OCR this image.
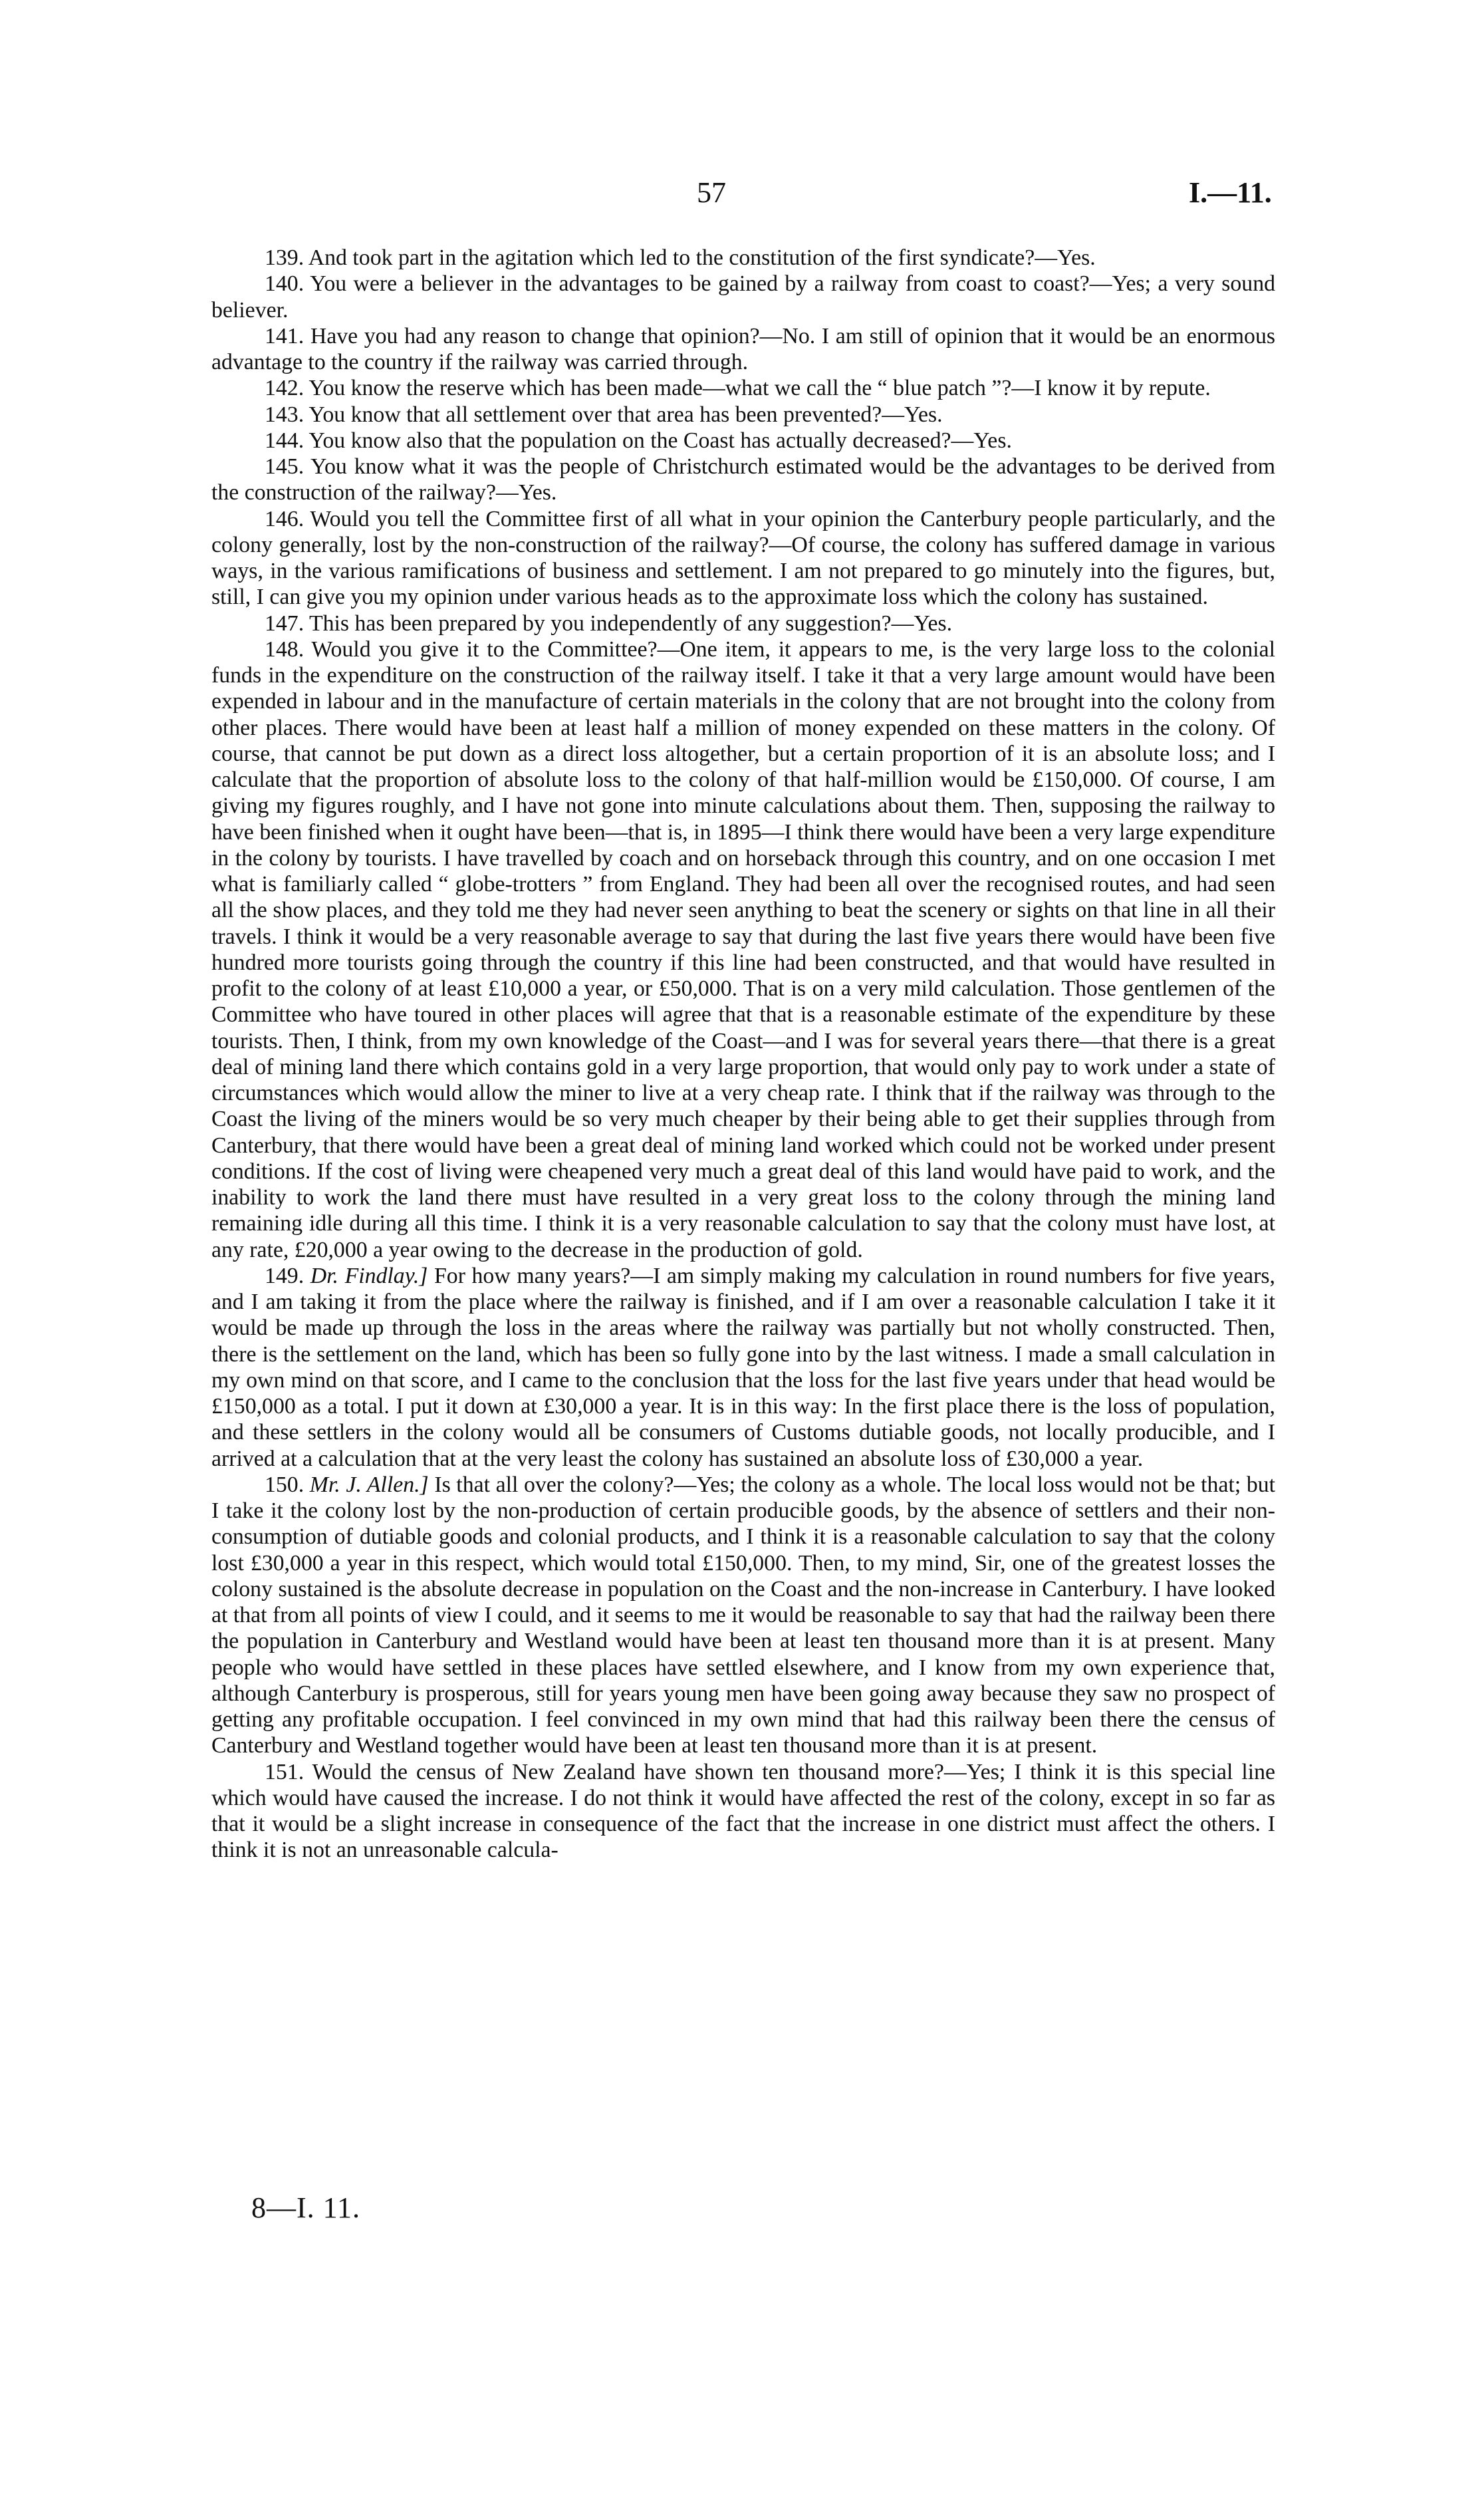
57	I.—11.

139. And took part in the agitation which led to the constitution of the first syndicate?—Yes.

140. You were a believer in the advantages to be gained by a railway from coast to coast?—Yes; a very sound believer.

141. Have you had any reason to change that opinion?—No. I am still of opinion that it would be an enormous advantage to the country if the railway was carried through.

142. You know the reserve which has been made—what we call the “ blue patch ”?—I know it by repute.

143. You know that all settlement over that area has been prevented?—Yes.

144. You know also that the population on the Coast has actually decreased?—Yes.

145. You know what it was the people of Christchurch estimated would be the advantages to be derived from the construction of the railway?—Yes.

146. Would you tell the Committee first of all what in your opinion the Canterbury people particularly, and the colony generally, lost by the non-construction of the railway?—Of course, the colony has suffered damage in various ways, in the various ramifications of business and settlement. I am not prepared to go minutely into the figures, but, still, I can give you my opinion under various heads as to the approximate loss which the colony has sustained.

147. This has been prepared by you independently of any suggestion?—Yes.

148. Would you give it to the Committee?—One item, it appears to me, is the very large loss to the colonial funds in the expenditure on the construction of the railway itself. I take it that a very large amount would have been expended in labour and in the manufacture of certain materials in the colony that are not brought into the colony from other places. There would have been at least half a million of money expended on these matters in the colony. Of course, that cannot be put down as a direct loss altogether, but a certain proportion of it is an absolute loss; and I calculate that the proportion of absolute loss to the colony of that half-million would be £150,000. Of course, I am giving my figures roughly, and I have not gone into minute calculations about them. Then, supposing the railway to have been finished when it ought have been—that is, in 1895—I think there would have been a very large expenditure in the colony by tourists. I have travelled by coach and on horseback through this country, and on one occasion I met what is familiarly called “ globe-trotters ” from England. They had been all over the recognised routes, and had seen all the show places, and they told me they had never seen anything to beat the scenery or sights on that line in all their travels. I think it would be a very reasonable average to say that during the last five years there would have been five hundred more tourists going through the country if this line had been constructed, and that would have resulted in profit to the colony of at least £10,000 a year, or £50,000. That is on a very mild calculation. Those gentlemen of the Committee who have toured in other places will agree that that is a reasonable estimate of the expenditure by these tourists. Then, I think, from my own knowledge of the Coast—and I was for several years there—that there is a great deal of mining land there which contains gold in a very large proportion, that would only pay to work under a state of circumstances which would allow the miner to live at a very cheap rate. I think that if the railway was through to the Coast the living of the miners would be so very much cheaper by their being able to get their supplies through from Canterbury, that there would have been a great deal of mining land worked which could not be worked under present conditions. If the cost of living were cheapened very much a great deal of this land would have paid to work, and the inability to work the land there must have resulted in a very great loss to the colony through the mining land remaining idle during all this time. I think it is a very reasonable calculation to say that the colony must have lost, at any rate, £20,000 a year owing to the decrease in the production of gold.

149. Dr. Findlay.] For how many years?—I am simply making my calculation in round numbers for five years, and I am taking it from the place where the railway is finished, and if I am over a reasonable calculation I take it it would be made up through the loss in the areas where the railway was partially but not wholly constructed. Then, there is the settlement on the land, which has been so fully gone into by the last witness. I made a small calculation in my own mind on that score, and I came to the conclusion that the loss for the last five years under that head would be £150,000 as a total. I put it down at £30,000 a year. It is in this way: In the first place there is the loss of population, and these settlers in the colony would all be consumers of Customs dutiable goods, not locally producible, and I arrived at a calculation that at the very least the colony has sustained an absolute loss of £30,000 a year.

150. Mr. J. Allen.] Is that all over the colony?—Yes; the colony as a whole. The local loss would not be that; but I take it the colony lost by the non-production of certain producible goods, by the absence of settlers and their non-consumption of dutiable goods and colonial products, and I think it is a reasonable calculation to say that the colony lost £30,000 a year in this respect, which would total £150,000. Then, to my mind, Sir, one of the greatest losses the colony sustained is the absolute decrease in population on the Coast and the non-increase in Canterbury. I have looked at that from all points of view I could, and it seems to me it would be reasonable to say that had the railway been there the population in Canterbury and Westland would have been at least ten thousand more than it is at present. Many people who would have settled in these places have settled elsewhere, and I know from my own experience that, although Canterbury is prosperous, still for years young men have been going away because they saw no prospect of getting any profitable occupation. I feel convinced in my own mind that had this railway been there the census of Canterbury and Westland together would have been at least ten thousand more than it is at present.

151. Would the census of New Zealand have shown ten thousand more?—Yes; I think it is this special line which would have caused the increase. I do not think it would have affected the rest of the colony, except in so far as that it would be a slight increase in consequence of the fact that the increase in one district must affect the others. I think it is not an unreasonable calcula-

8—I. 11.
